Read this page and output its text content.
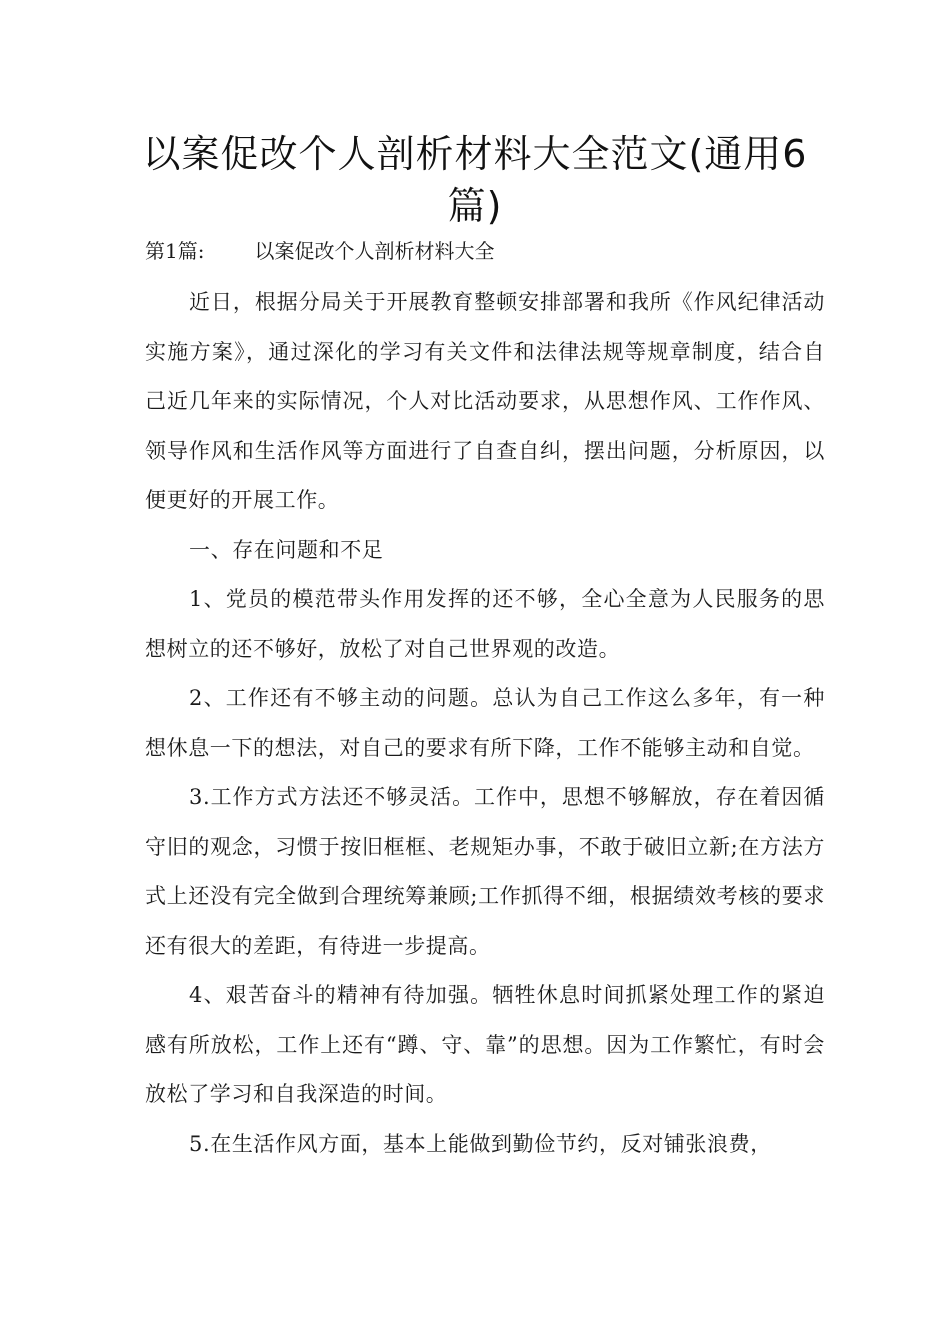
以案促改个人剖析材料大全范文(通用6篇)
第1篇:	以案促改个人剖析材料大全

近日，根据分局关于开展教育整顿安排部署和我所《作风纪律活动实施方案》，通过深化的学习有关文件和法律法规等规章制度，结合自己近几年来的实际情况，个人对比活动要求，从思想作风、工作作风、领导作风和生活作风等方面进行了自查自纠，摆出问题，分析原因，以便更好的开展工作。

一、存在问题和不足

1、党员的模范带头作用发挥的还不够，全心全意为人民服务的思想树立的还不够好，放松了对自己世界观的改造。

2、工作还有不够主动的问题。总认为自己工作这么多年，有一种想休息一下的想法，对自己的要求有所下降，工作不能够主动和自觉。

3.工作方式方法还不够灵活。工作中，思想不够解放，存在着因循守旧的观念，习惯于按旧框框、老规矩办事，不敢于破旧立新;在方法方式上还没有完全做到合理统筹兼顾;工作抓得不细，根据绩效考核的要求还有很大的差距，有待进一步提高。

4、艰苦奋斗的精神有待加强。牺牲休息时间抓紧处理工作的紧迫感有所放松，工作上还有“蹲、守、靠”的思想。因为工作繁忙，有时会放松了学习和自我深造的时间。

5.在生活作风方面，基本上能做到勤俭节约，反对铺张浪费，
